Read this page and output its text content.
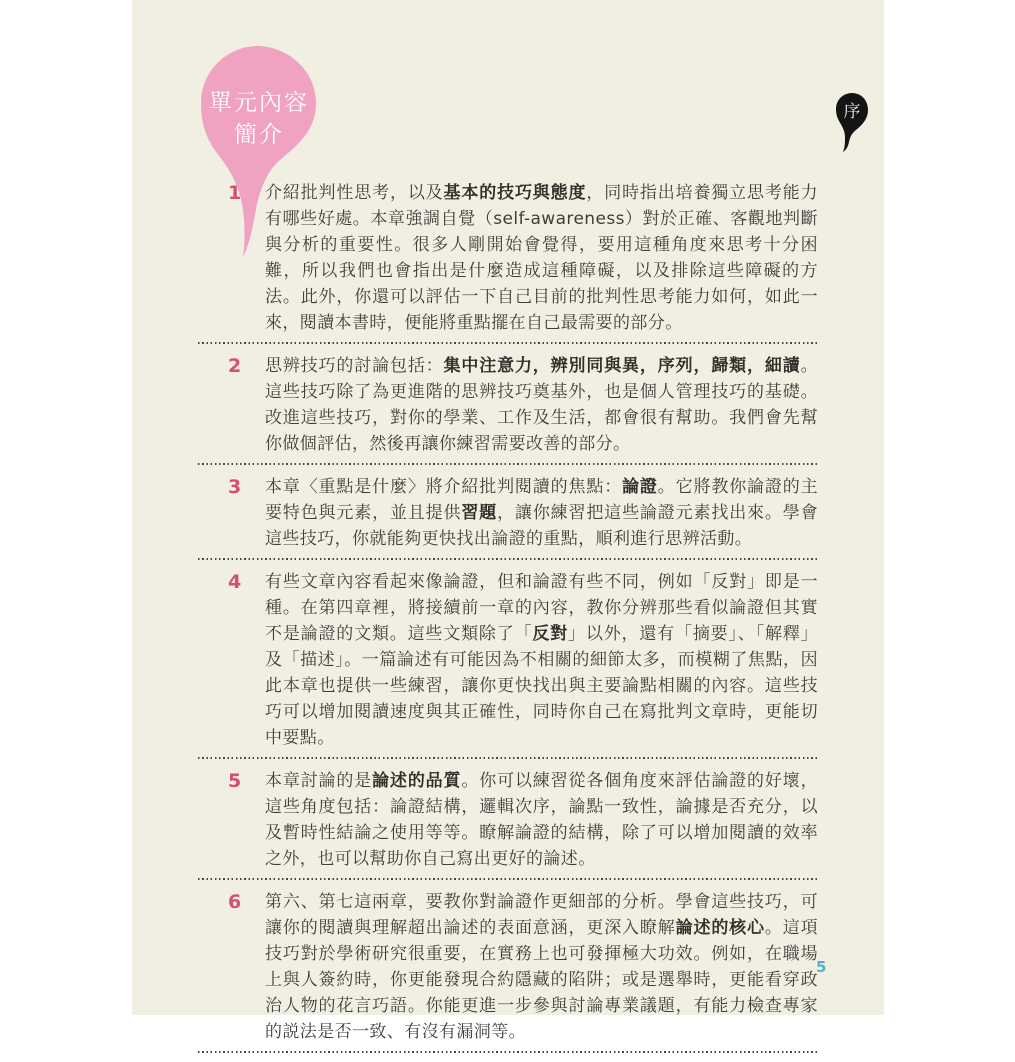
單元內容
簡介
序
1	介紹批判性思考，以及基本的技巧與態度，同時指出培養獨立思考能力有哪些好處。本章強調自覺（self-awareness）對於正確、客觀地判斷與分析的重要性。很多人剛開始會覺得，要用這種角度來思考十分困難，所以我們也會指出是什麼造成這種障礙，以及排除這些障礙的方法。此外，你還可以評估一下自己目前的批判性思考能力如何，如此一來，閱讀本書時，便能將重點擺在自己最需要的部分。
2	思辨技巧的討論包括：集中注意力，辨別同與異，序列，歸類，細讀。這些技巧除了為更進階的思辨技巧奠基外，也是個人管理技巧的基礎。改進這些技巧，對你的學業、工作及生活，都會很有幫助。我們會先幫你做個評估，然後再讓你練習需要改善的部分。
3	本章〈重點是什麼〉將介紹批判閱讀的焦點：論證。它將教你論證的主要特色與元素，並且提供習題，讓你練習把這些論證元素找出來。學會這些技巧，你就能夠更快找出論證的重點，順利進行思辨活動。
4	有些文章內容看起來像論證，但和論證有些不同，例如「反對」即是一種。在第四章裡，將接續前一章的內容，教你分辨那些看似論證但其實不是論證的文類。這些文類除了「反對」以外，還有「摘要」、「解釋」及「描述」。一篇論述有可能因為不相關的細節太多，而模糊了焦點，因此本章也提供一些練習，讓你更快找出與主要論點相關的內容。這些技巧可以增加閱讀速度與其正確性，同時你自己在寫批判文章時，更能切中要點。
5	本章討論的是論述的品質。你可以練習從各個角度來評估論證的好壞，這些角度包括：論證結構，邏輯次序，論點一致性，論據是否充分，以及暫時性結論之使用等等。瞭解論證的結構，除了可以增加閱讀的效率之外，也可以幫助你自己寫出更好的論述。
6	第六、第七這兩章，要教你對論證作更細部的分析。學會這些技巧，可讓你的閱讀與理解超出論述的表面意涵，更深入瞭解論述的核心。這項技巧對於學術研究很重要，在實務上也可發揮極大功效。例如，在職場上與人簽約時，你更能發現合約隱藏的陷阱；或是選舉時，更能看穿政治人物的花言巧語。你能更進一步參與討論專業議題，有能力檢查專家的説法是否一致、有沒有漏洞等。
5
